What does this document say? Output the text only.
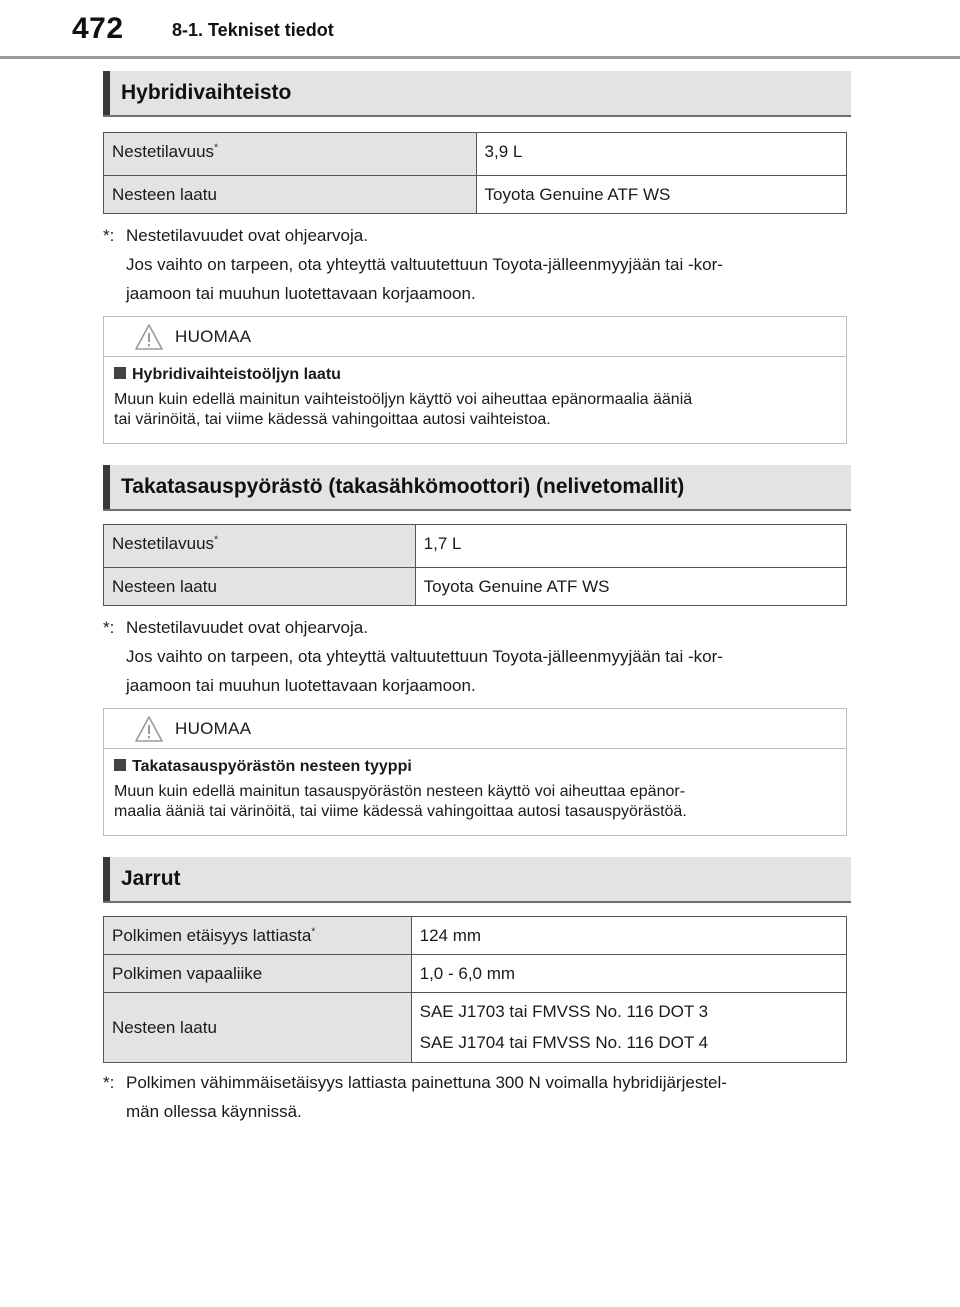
472	8-1. Tekniset tiedot
Hybridivaihteisto
Nestetilavuus*	3,9 L
Nesteen laatu	Toyota Genuine ATF WS
*: Nestetilavuudet ovat ohjearvoja.
Jos vaihto on tarpeen, ota yhteyttä valtuutettuun Toyota-jälleenmyyjään tai -kor-
jaamoon tai muuhun luotettavaan korjaamoon.
HUOMAA
Hybridivaihteistoöljyn laatu
Muun kuin edellä mainitun vaihteistoöljyn käyttö voi aiheuttaa epänormaalia ääniä
tai värinöitä, tai viime kädessä vahingoittaa autosi vaihteistoa.
Takatasauspyörästö (takasähkömoottori) (nelivetomallit)
Nestetilavuus*	1,7 L
Nesteen laatu	Toyota Genuine ATF WS
*: Nestetilavuudet ovat ohjearvoja.
Jos vaihto on tarpeen, ota yhteyttä valtuutettuun Toyota-jälleenmyyjään tai -kor-
jaamoon tai muuhun luotettavaan korjaamoon.
HUOMAA
Takatasauspyörästön nesteen tyyppi
Muun kuin edellä mainitun tasauspyörästön nesteen käyttö voi aiheuttaa epänor-
maalia ääniä tai värinöitä, tai viime kädessä vahingoittaa autosi tasauspyörästöä.
Jarrut
Polkimen etäisyys lattiasta*	124 mm
Polkimen vapaaliike	1,0 - 6,0 mm
Nesteen laatu	SAE J1703 tai FMVSS No. 116 DOT 3
SAE J1704 tai FMVSS No. 116 DOT 4
*: Polkimen vähimmäisetäisyys lattiasta painettuna 300 N voimalla hybridijärjestel-
män ollessa käynnissä.
